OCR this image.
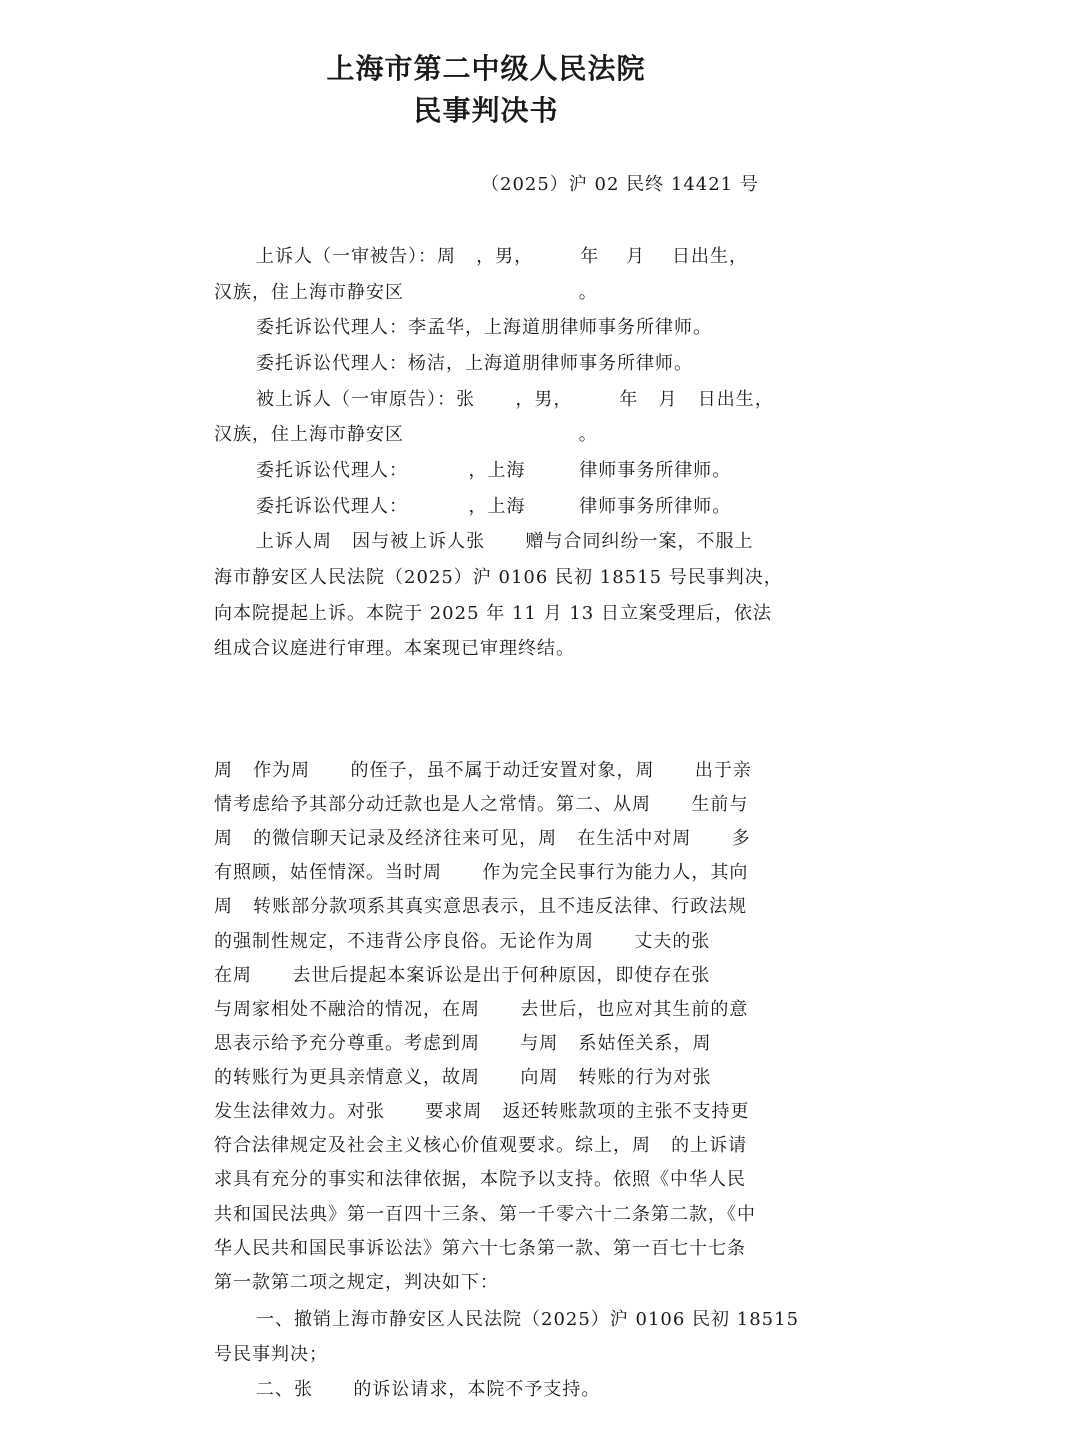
上海市第二中级人民法院
民事判决书
（2025）沪 02 民终 14421 号
上诉人（一审被告）：周   ，男，       年    月    日出生，
汉族，住上海市静安区                          。
委托诉讼代理人：李孟华，上海道朋律师事务所律师。
委托诉讼代理人：杨洁，上海道朋律师事务所律师。
被上诉人（一审原告）：张      ，男，       年   月   日出生，
汉族，住上海市静安区                          。
委托诉讼代理人：         ，上海        律师事务所律师。
委托诉讼代理人：         ，上海        律师事务所律师。
上诉人周   因与被上诉人张      赠与合同纠纷一案，不服上
海市静安区人民法院（2025）沪 0106 民初 18515 号民事判决，
向本院提起上诉。本院于 2025 年 11 月 13 日立案受理后，依法
组成合议庭进行审理。本案现已审理终结。
周   作为周      的侄子，虽不属于动迁安置对象，周      出于亲
情考虑给予其部分动迁款也是人之常情。第二、从周      生前与
周   的微信聊天记录及经济往来可见，周   在生活中对周      多
有照顾，姑侄情深。当时周      作为完全民事行为能力人，其向
周   转账部分款项系其真实意思表示，且不违反法律、行政法规
的强制性规定，不违背公序良俗。无论作为周      丈夫的张
在周      去世后提起本案诉讼是出于何种原因，即使存在张
与周家相处不融洽的情况，在周      去世后，也应对其生前的意
思表示给予充分尊重。考虑到周      与周   系姑侄关系，周
的转账行为更具亲情意义，故周      向周   转账的行为对张
发生法律效力。对张      要求周   返还转账款项的主张不支持更
符合法律规定及社会主义核心价值观要求。综上，周   的上诉请
求具有充分的事实和法律依据，本院予以支持。依照《中华人民
共和国民法典》第一百四十三条、第一千零六十二条第二款，《中
华人民共和国民事诉讼法》第六十七条第一款、第一百七十七条
第一款第二项之规定，判决如下：
一、撤销上海市静安区人民法院（2025）沪 0106 民初 18515
号民事判决；
二、张      的诉讼请求，本院不予支持。
